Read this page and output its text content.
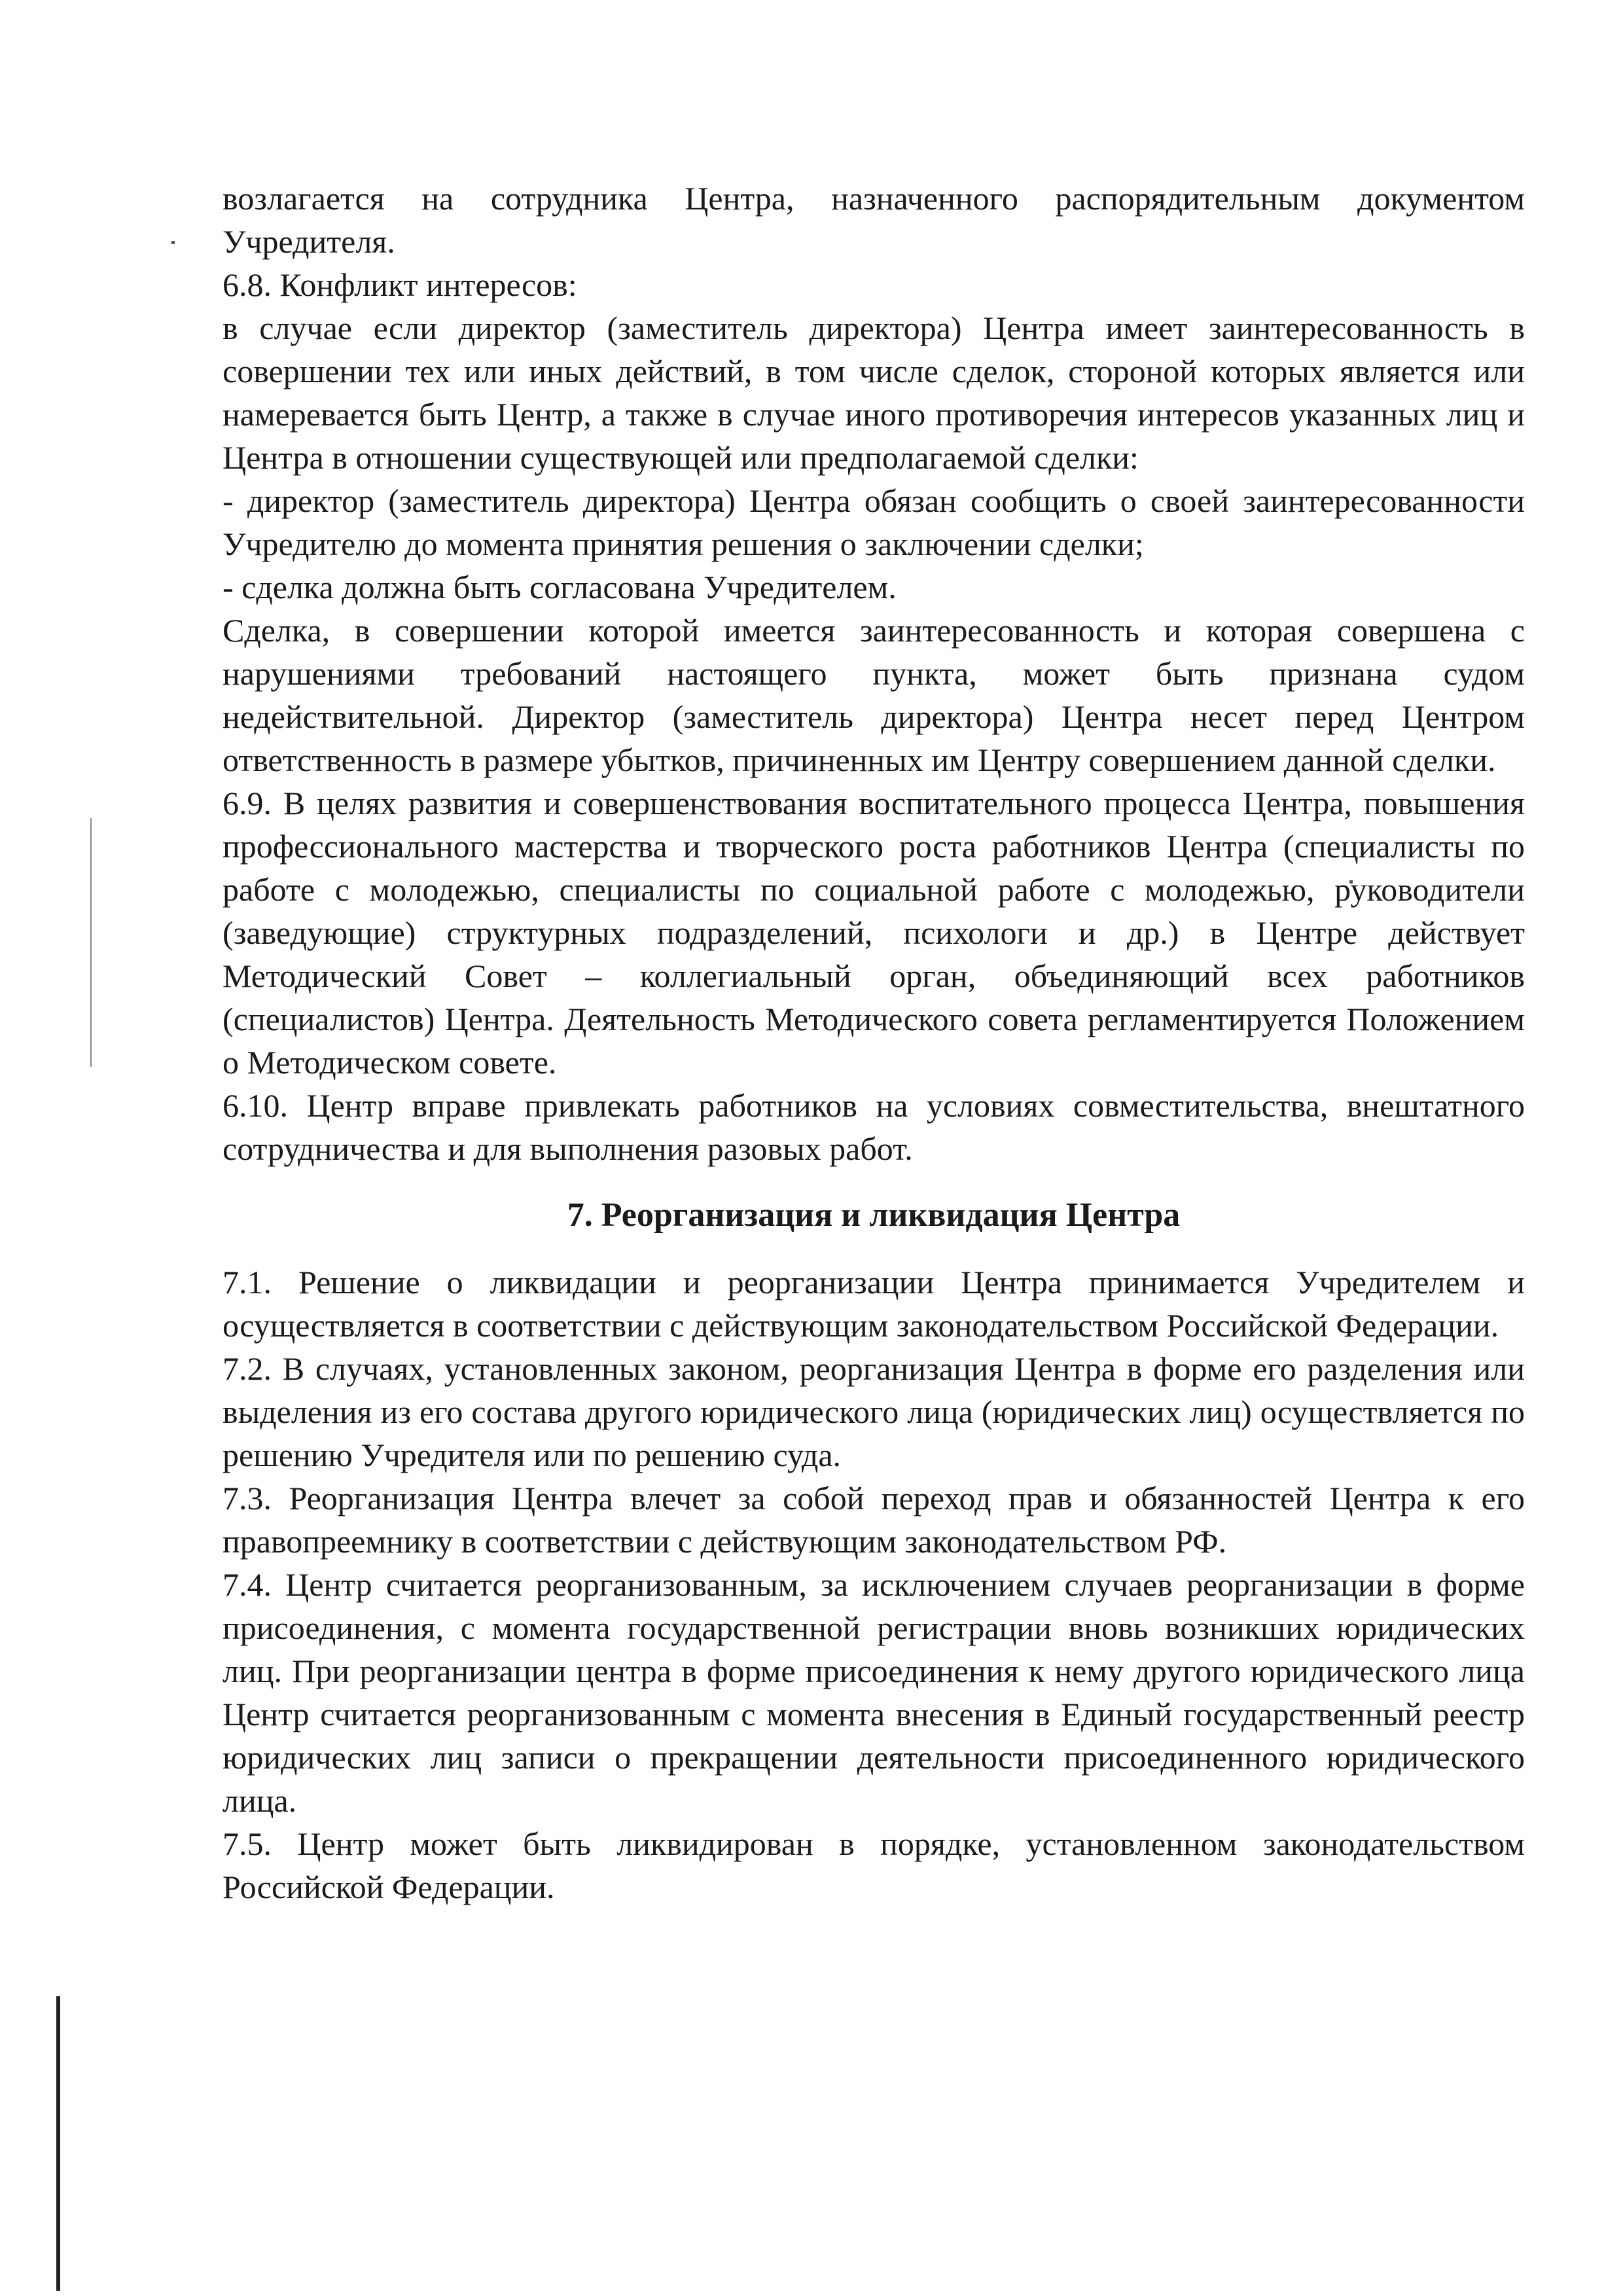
возлагается на сотрудника Центра, назначенного распорядительным документом Учредителя.

6.8. Конфликт интересов:

в случае если директор (заместитель директора) Центра имеет заинтересованность в совершении тех или иных действий, в том числе сделок, стороной которых является или намеревается быть Центр, а также в случае иного противоречия интересов указанных лиц и Центра в отношении существующей или предполагаемой сделки:

- директор (заместитель директора) Центра обязан сообщить о своей заинтересованности Учредителю до момента принятия решения о заключении сделки;

- сделка должна быть согласована Учредителем.

Сделка, в совершении которой имеется заинтересованность и которая совершена с нарушениями требований настоящего пункта, может быть признана судом недействительной. Директор (заместитель директора) Центра несет перед Центром ответственность в размере убытков, причиненных им Центру совершением данной сделки.

6.9. В целях развития и совершенствования воспитательного процесса Центра, повышения профессионального мастерства и творческого роста работников Центра (специалисты по работе с молодежью, специалисты по социальной работе с молодежью, руководители (заведующие) структурных подразделений, психологи и др.) в Центре действует Методический Совет – коллегиальный орган, объединяющий всех работников (специалистов) Центра. Деятельность Методического совета регламентируется Положением о Методическом совете.

6.10. Центр вправе привлекать работников на условиях совместительства, внештатного сотрудничества и для выполнения разовых работ.

7. Реорганизация и ликвидация Центра

7.1. Решение о ликвидации и реорганизации Центра принимается Учредителем и осуществляется в соответствии с действующим законодательством Российской Федерации.

7.2. В случаях, установленных законом, реорганизация Центра в форме его разделения или выделения из его состава другого юридического лица (юридических лиц) осуществляется по решению Учредителя или по решению суда.

7.3. Реорганизация Центра влечет за собой переход прав и обязанностей Центра к его правопреемнику в соответствии с действующим законодательством РФ.

7.4. Центр считается реорганизованным, за исключением случаев реорганизации в форме присоединения, с момента государственной регистрации вновь возникших юридических лиц. При реорганизации центра в форме присоединения к нему другого юридического лица Центр считается реорганизованным с момента внесения в Единый государственный реестр юридических лиц записи о прекращении деятельности присоединенного юридического лица.

7.5. Центр может быть ликвидирован в порядке, установленном законодательством Российской Федерации.
